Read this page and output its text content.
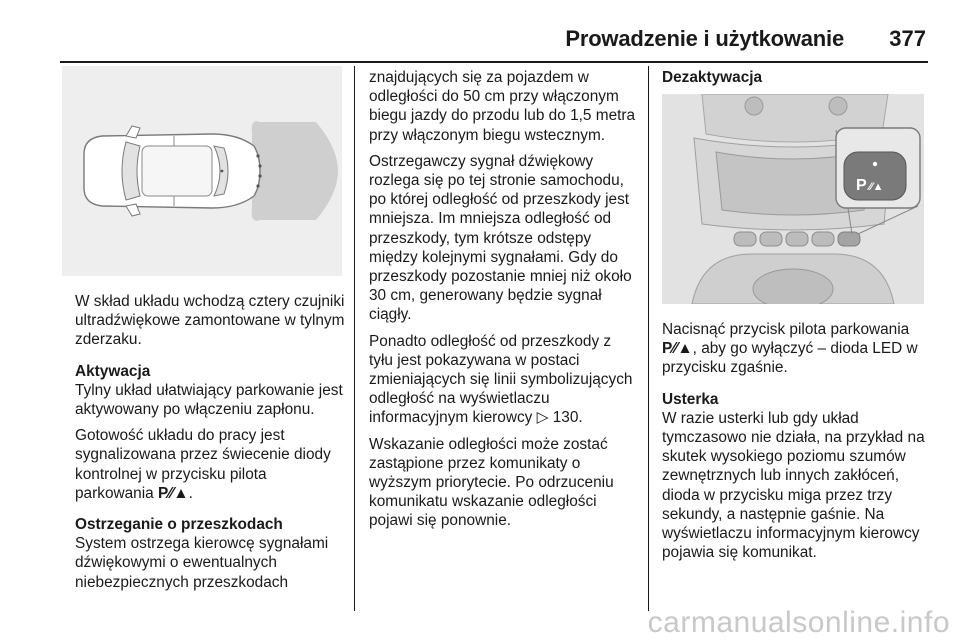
Prowadzenie i użytkowanie 377

W skład układu wchodzą cztery czujniki ultradźwiękowe zamontowane w tylnym zderzaku.

Aktywacja

Tylny układ ułatwiający parkowanie jest aktywowany po włączeniu zapłonu.

Gotowość układu do pracy jest sygnalizowana przez świecenie diody kontrolnej w przycisku pilota parkowania P⁄⁄▲.

Ostrzeganie o przeszkodach

System ostrzega kierowcę sygnałami dźwiękowymi o ewentualnych niebezpiecznych przeszkodach

znajdujących się za pojazdem w odległości do 50 cm przy włączonym biegu jazdy do przodu lub do 1,5 metra przy włączonym biegu wstecznym.

Ostrzegawczy sygnał dźwiękowy rozlega się po tej stronie samochodu, po której odległość od przeszkody jest mniejsza. Im mniejsza odległość od przeszkody, tym krótsze odstępy między kolejnymi sygnałami. Gdy do przeszkody pozostanie mniej niż około 30 cm, generowany będzie sygnał ciągły.

Ponadto odległość od przeszkody z tyłu jest pokazywana w postaci zmieniających się linii symbolizujących odległość na wyświetlaczu informacyjnym kierowcy ▷ 130.

Wskazanie odległości może zostać zastąpione przez komunikaty o wyższym priorytecie. Po odrzuceniu komunikatu wskazanie odległości pojawi się ponownie.

Dezaktywacja

P ⁄⁄▲

Nacisnąć przycisk pilota parkowania P⁄⁄▲, aby go wyłączyć – dioda LED w przycisku zgaśnie.

Usterka

W razie usterki lub gdy układ tymczasowo nie działa, na przykład na skutek wysokiego poziomu szumów zewnętrznych lub innych zakłóceń, dioda w przycisku miga przez trzy sekundy, a następnie gaśnie. Na wyświetlaczu informacyjnym kierowcy pojawia się komunikat.

carmanualsonline.info
